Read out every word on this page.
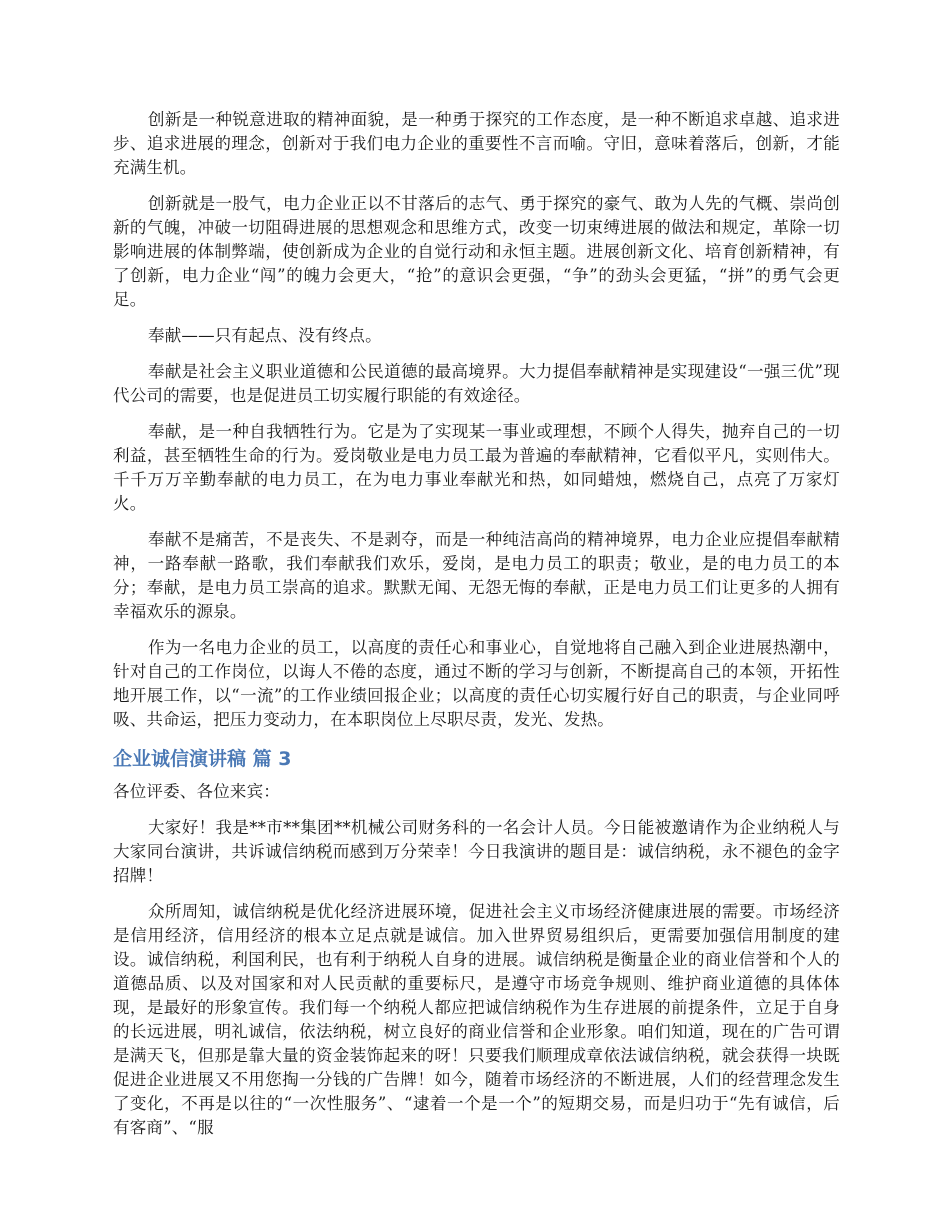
创新是一种锐意进取的精神面貌，是一种勇于探究的工作态度，是一种不断追求卓越、追求进步、追求进展的理念，创新对于我们电力企业的重要性不言而喻。守旧，意味着落后，创新，才能充满生机。

创新就是一股气，电力企业正以不甘落后的志气、勇于探究的豪气、敢为人先的气概、崇尚创新的气魄，冲破一切阻碍进展的思想观念和思维方式，改变一切束缚进展的做法和规定，革除一切影响进展的体制弊端，使创新成为企业的自觉行动和永恒主题。进展创新文化、培育创新精神，有了创新，电力企业“闯”的魄力会更大，“抢”的意识会更强，“争”的劲头会更猛，“拼”的勇气会更足。

奉献——只有起点、没有终点。

奉献是社会主义职业道德和公民道德的最高境界。大力提倡奉献精神是实现建设“一强三优”现代公司的需要，也是促进员工切实履行职能的有效途径。

奉献，是一种自我牺牲行为。它是为了实现某一事业或理想，不顾个人得失，抛弃自己的一切利益，甚至牺牲生命的行为。爱岗敬业是电力员工最为普遍的奉献精神，它看似平凡，实则伟大。千千万万辛勤奉献的电力员工，在为电力事业奉献光和热，如同蜡烛，燃烧自己，点亮了万家灯火。

奉献不是痛苦，不是丧失、不是剥夺，而是一种纯洁高尚的精神境界，电力企业应提倡奉献精神，一路奉献一路歌，我们奉献我们欢乐，爱岗，是电力员工的职责；敬业，是的电力员工的本分；奉献，是电力员工崇高的追求。默默无闻、无怨无悔的奉献，正是电力员工们让更多的人拥有幸福欢乐的源泉。

作为一名电力企业的员工，以高度的责任心和事业心，自觉地将自己融入到企业进展热潮中，针对自己的工作岗位，以诲人不倦的态度，通过不断的学习与创新，不断提高自己的本领，开拓性地开展工作，以“一流”的工作业绩回报企业；以高度的责任心切实履行好自己的职责，与企业同呼吸、共命运，把压力变动力，在本职岗位上尽职尽责，发光、发热。

企业诚信演讲稿 篇 3

各位评委、各位来宾：

大家好！我是**市**集团**机械公司财务科的一名会计人员。今日能被邀请作为企业纳税人与大家同台演讲，共诉诚信纳税而感到万分荣幸！今日我演讲的题目是：诚信纳税，永不褪色的金字招牌！

众所周知，诚信纳税是优化经济进展环境，促进社会主义市场经济健康进展的需要。市场经济是信用经济，信用经济的根本立足点就是诚信。加入世界贸易组织后，更需要加强信用制度的建设。诚信纳税，利国利民，也有利于纳税人自身的进展。诚信纳税是衡量企业的商业信誉和个人的道德品质、以及对国家和对人民贡献的重要标尺，是遵守市场竞争规则、维护商业道德的具体体现，是最好的形象宣传。我们每一个纳税人都应把诚信纳税作为生存进展的前提条件，立足于自身的长远进展，明礼诚信，依法纳税，树立良好的商业信誉和企业形象。咱们知道，现在的广告可谓是满天飞，但那是靠大量的资金装饰起来的呀！只要我们顺理成章依法诚信纳税，就会获得一块既促进企业进展又不用您掏一分钱的广告牌！如今，随着市场经济的不断进展，人们的经营理念发生了变化，不再是以往的“一次性服务”、“逮着一个是一个”的短期交易，而是归功于“先有诚信，后有客商”、“服
